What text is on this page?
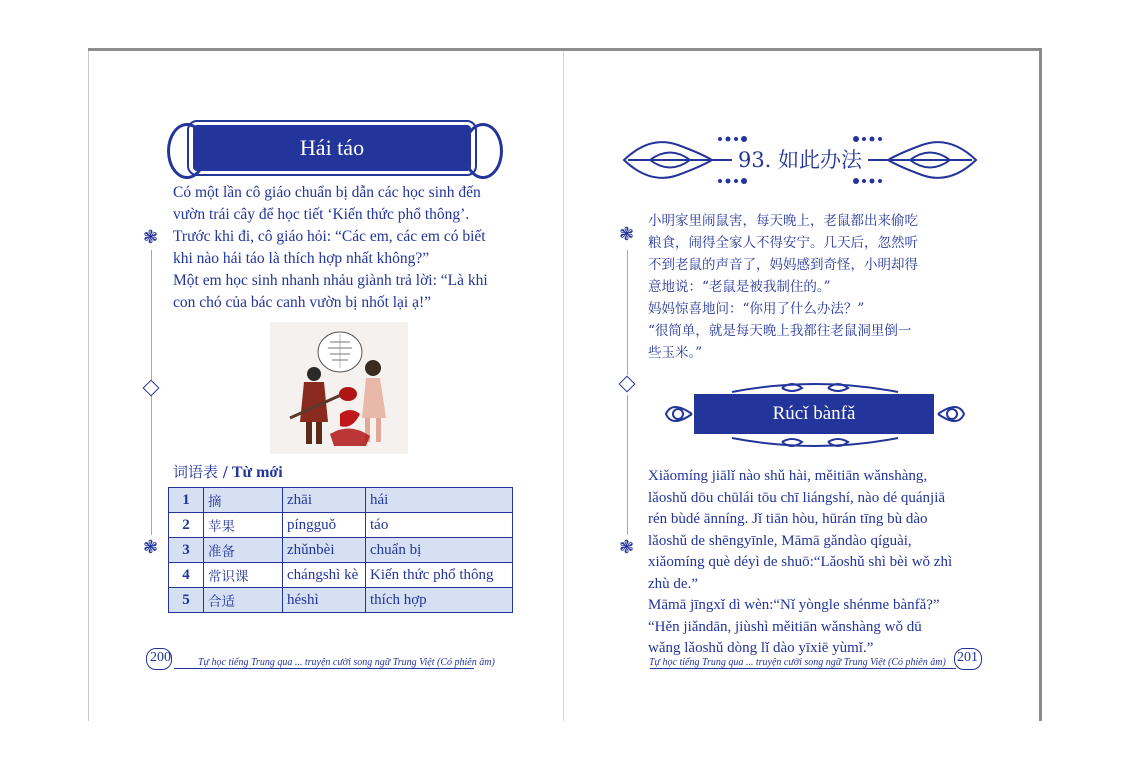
❃
❃
Hái táo
Có một lần cô giáo chuẩn bị dẫn các học sinh đến
vườn trái cây để học tiết ‘Kiến thức phổ thông’.
Trước khi đi, cô giáo hỏi: “Các em, các em có biết
khi nào hái táo là thích hợp nhất không?”
Một em học sinh nhanh nhảu giành trả lời: “Là khi
con chó của bác canh vườn bị nhốt lại ạ!”
词语表 / Từ mới
1	摘	zhāi	hái
2	苹果	píngguǒ	táo
3	准备	zhǔnbèi	chuẩn bị
4	常识课	chángshì kè	Kiến thức phổ thông
5	合适	héshì	thích hợp
200	Tự học tiếng Trung qua ... truyện cười song ngữ Trung Việt (Có phiên âm)
❃
❃
93. 如此办法
小明家里闹鼠害，每天晚上，老鼠都出来偷吃
粮食，闹得全家人不得安宁。几天后，忽然听
不到老鼠的声音了，妈妈感到奇怪，小明却得
意地说：“老鼠是被我制住的。”
妈妈惊喜地问：“你用了什么办法？”
“很简单，就是每天晚上我都往老鼠洞里倒一
些玉米。”
Rúcǐ bànfǎ
Xiǎomíng jiālǐ nào shǔ hài, měitiān wǎnshàng,
lǎoshǔ dōu chūlái tōu chī liángshí, nào dé quánjiā
rén bùdé ānníng. Jǐ tiān hòu, hūrán tīng bù dào
lǎoshǔ de shēngyīnle, Māmā gǎndào qíguài,
xiǎomíng què déyì de shuō:“Lǎoshǔ shì bèi wǒ zhì
zhù de.”
Māmā jīngxǐ dì wèn:“Nǐ yòngle shénme bànfǎ?”
“Hěn jiǎndān, jiùshì měitiān wǎnshàng wǒ dū
wǎng lǎoshǔ dòng lǐ dào yīxiē yùmǐ.”
Tự học tiếng Trung qua ... truyện cười song ngữ Trung Việt (Có phiên âm) 201
